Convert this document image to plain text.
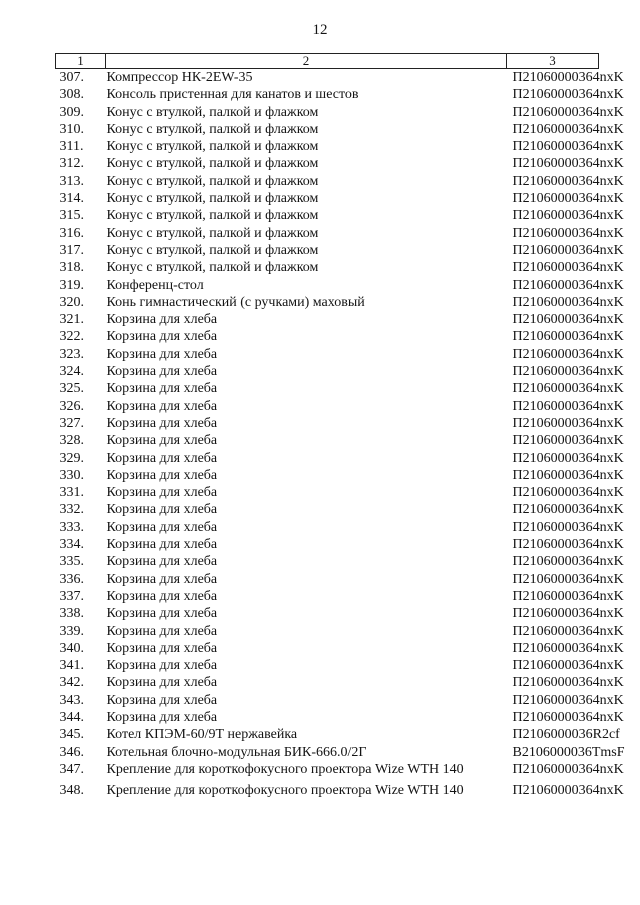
12
1	2	3
307.	Компрессор НК-2EW-35	П21060000364nxK
308.	Консоль пристенная для канатов и шестов	П21060000364nxK
309.	Конус с втулкой, палкой и флажком	П21060000364nxK
310.	Конус с втулкой, палкой и флажком	П21060000364nxK
311.	Конус с втулкой, палкой и флажком	П21060000364nxK
312.	Конус с втулкой, палкой и флажком	П21060000364nxK
313.	Конус с втулкой, палкой и флажком	П21060000364nxK
314.	Конус с втулкой, палкой и флажком	П21060000364nxK
315.	Конус с втулкой, палкой и флажком	П21060000364nxK
316.	Конус с втулкой, палкой и флажком	П21060000364nxK
317.	Конус с втулкой, палкой и флажком	П21060000364nxK
318.	Конус с втулкой, палкой и флажком	П21060000364nxK
319.	Конференц-стол	П21060000364nxK
320.	Конь гимнастический (с ручками) маховый	П21060000364nxK
321.	Корзина для хлеба	П21060000364nxK
322.	Корзина для хлеба	П21060000364nxK
323.	Корзина для хлеба	П21060000364nxK
324.	Корзина для хлеба	П21060000364nxK
325.	Корзина для хлеба	П21060000364nxK
326.	Корзина для хлеба	П21060000364nxK
327.	Корзина для хлеба	П21060000364nxK
328.	Корзина для хлеба	П21060000364nxK
329.	Корзина для хлеба	П21060000364nxK
330.	Корзина для хлеба	П21060000364nxK
331.	Корзина для хлеба	П21060000364nxK
332.	Корзина для хлеба	П21060000364nxK
333.	Корзина для хлеба	П21060000364nxK
334.	Корзина для хлеба	П21060000364nxK
335.	Корзина для хлеба	П21060000364nxK
336.	Корзина для хлеба	П21060000364nxK
337.	Корзина для хлеба	П21060000364nxK
338.	Корзина для хлеба	П21060000364nxK
339.	Корзина для хлеба	П21060000364nxK
340.	Корзина для хлеба	П21060000364nxK
341.	Корзина для хлеба	П21060000364nxK
342.	Корзина для хлеба	П21060000364nxK
343.	Корзина для хлеба	П21060000364nxK
344.	Корзина для хлеба	П21060000364nxK
345.	Котел КПЭМ-60/9Т нержавейка	П2106000036R2cf
346.	Котельная блочно-модульная БИК-666.0/2Г	В2106000036TmsF
347.	Крепление для короткофокусного проектора Wize WTH 140	П21060000364nxK
348.	Крепление для короткофокусного проектора Wize WTH 140	П21060000364nxK
